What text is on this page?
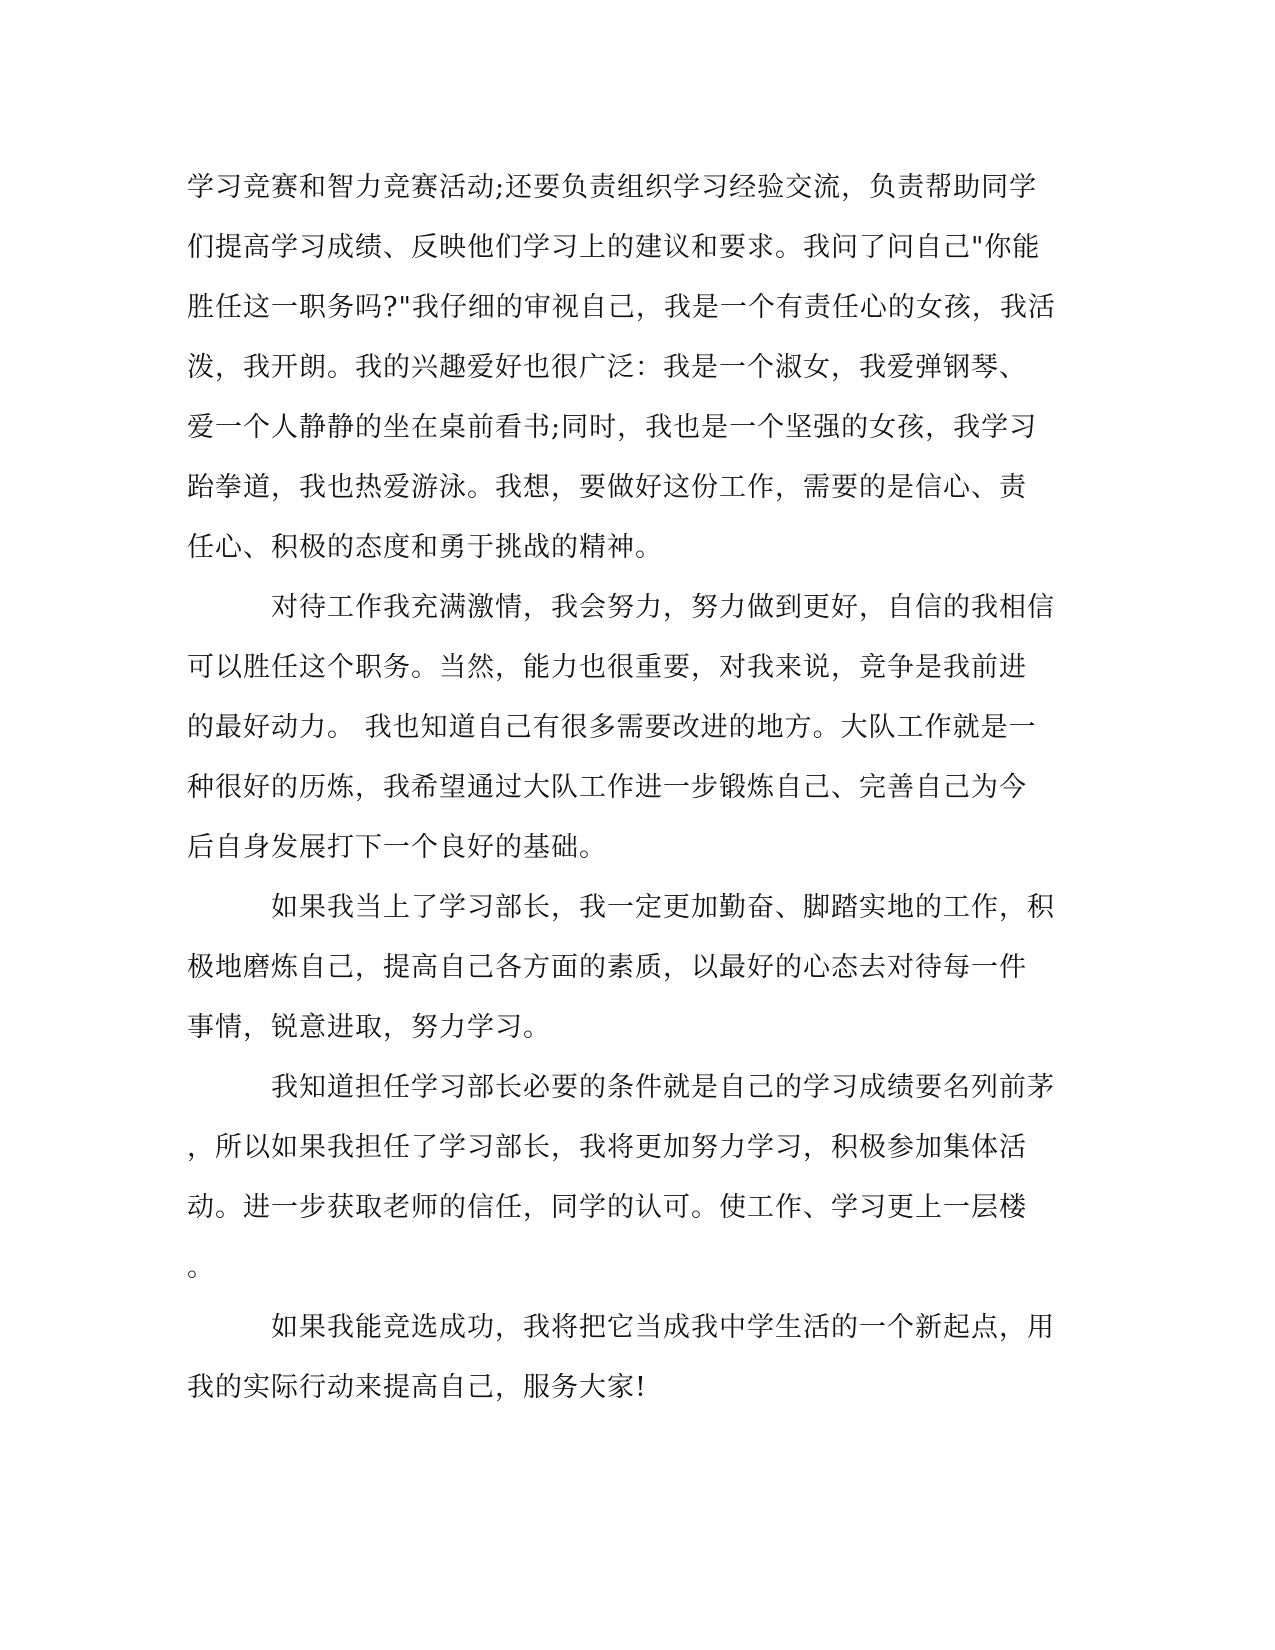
学习竞赛和智力竞赛活动;还要负责组织学习经验交流，负责帮助同学
们提高学习成绩、反映他们学习上的建议和要求。我问了问自己"你能
胜任这一职务吗?"我仔细的审视自己，我是一个有责任心的女孩，我活
泼，我开朗。我的兴趣爱好也很广泛：我是一个淑女，我爱弹钢琴、
爱一个人静静的坐在桌前看书;同时，我也是一个坚强的女孩，我学习
跆拳道，我也热爱游泳。我想，要做好这份工作，需要的是信心、责
任心、积极的态度和勇于挑战的精神。
　　　对待工作我充满激情，我会努力，努力做到更好，自信的我相信
可以胜任这个职务。当然，能力也很重要，对我来说，竞争是我前进
的最好动力。 我也知道自己有很多需要改进的地方。大队工作就是一
种很好的历炼，我希望通过大队工作进一步锻炼自己、完善自己为今
后自身发展打下一个良好的基础。
　　　如果我当上了学习部长，我一定更加勤奋、脚踏实地的工作，积
极地磨炼自己，提高自己各方面的素质，以最好的心态去对待每一件
事情，锐意进取，努力学习。
　　　我知道担任学习部长必要的条件就是自己的学习成绩要名列前茅
，所以如果我担任了学习部长，我将更加努力学习，积极参加集体活
动。进一步获取老师的信任，同学的认可。使工作、学习更上一层楼
。
　　　如果我能竞选成功，我将把它当成我中学生活的一个新起点，用
我的实际行动来提高自己，服务大家!
